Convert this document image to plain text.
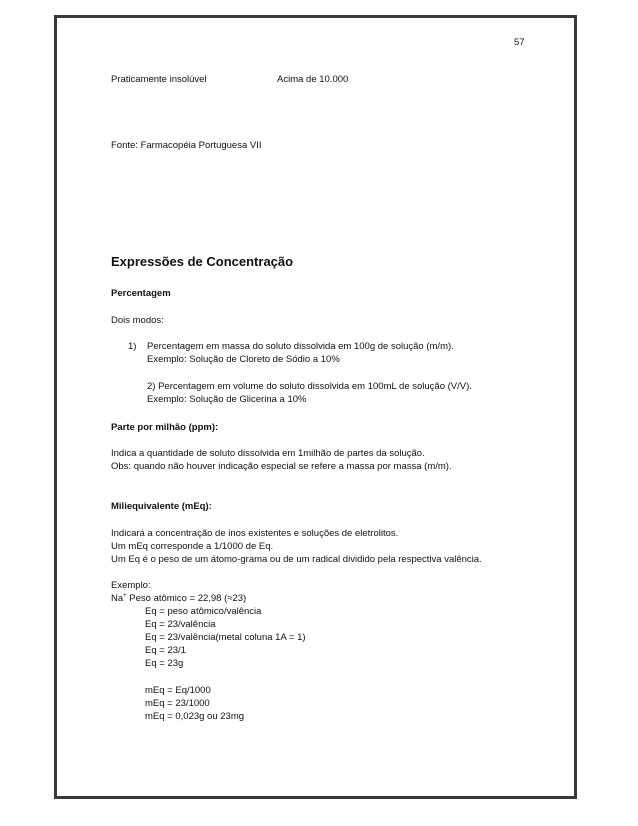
57
Praticamente insolúvel	Acima de 10.000
Fonte: Farmacopéia Portuguesa VII
Expressões de Concentração
Percentagem
Dois modos:
1) Percentagem em massa do soluto dissolvida em 100g de solução (m/m).
Exemplo: Solução de Cloreto de Sódio a 10%
2) Percentagem em volume do soluto dissolvida em 100mL de solução (V/V).
Exemplo: Solução de Glicerina a 10%
Parte por milhão (ppm):
Indica a quantidade de soluto dissolvida em 1milhão de partes da solução.
Obs: quando não houver indicação especial se refere a massa por massa (m/m).
Miliequivalente (mEq):
Indicará a concentração de inos existentes e soluções de eletrolitos.
Um mEq corresponde a 1/1000 de Eq.
Um Eq é o peso de um átomo-grama ou de um radical dividido pela respectiva valência.
Exemplo:
Na+ Peso atômico = 22,98 (≈23)
Eq = peso atômico/valência
Eq = 23/valência
Eq = 23/valência(metal coluna 1A = 1)
Eq = 23/1
Eq = 23g
mEq = Eq/1000
mEq = 23/1000
mEq = 0,023g ou 23mg
